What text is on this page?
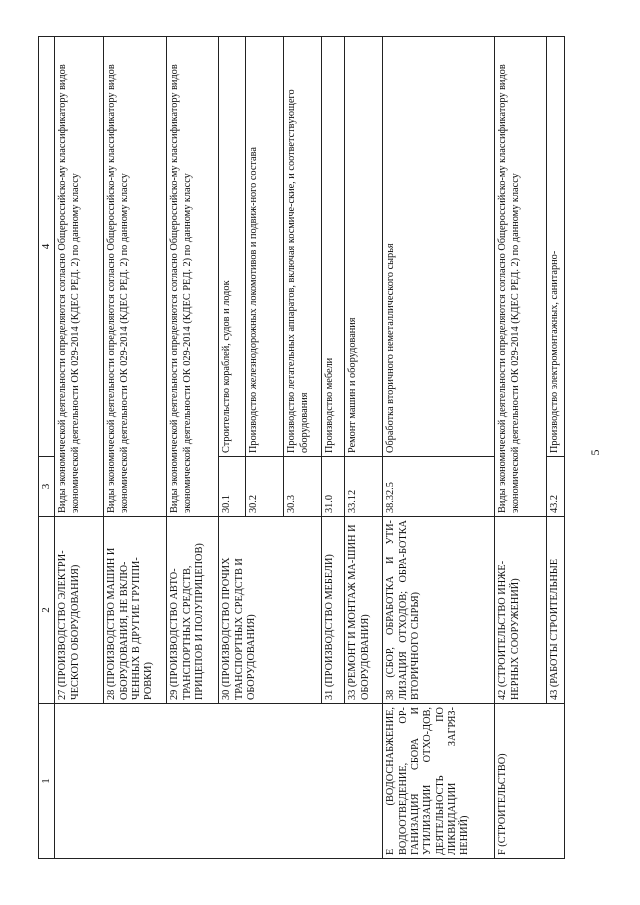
5
1	2	3	4
	27 (ПРОИЗВОДСТВО ЭЛЕКТРИ-ЧЕСКОГО ОБОРУДОВАНИЯ)	Виды экономической деятельности определяются согласно Общероссийско-му классификатору видов экономической деятельности ОК 029-2014 (КДЕС РЕД. 2) по данному классу	
	28 (ПРОИЗВОДСТВО МАШИН И ОБОРУДОВАНИЯ, НЕ ВКЛЮ-ЧЕННЫХ В ДРУГИЕ ГРУППИ-РОВКИ)	Виды экономической деятельности определяются согласно Общероссийско-му классификатору видов экономической деятельности ОК 029-2014 (КДЕС РЕД. 2) по данному классу	
	29 (ПРОИЗВОДСТВО АВТО-ТРАНСПОРТНЫХ СРЕДСТВ, ПРИЦЕПОВ И ПОЛУПРИЦЕПОВ)	Виды экономической деятельности определяются согласно Общероссийско-му классификатору видов экономической деятельности ОК 029-2014 (КДЕС РЕД. 2) по данному классу	
	30 (ПРОИЗВОДСТВО ПРОЧИХ ТРАНСПОРТНЫХ СРЕДСТВ И ОБОРУДОВАНИЯ)	30.1	Строительство кораблей, судов и лодок
		30.2	Производство железнодорожных локомотивов и подвиж-ного состава
		30.3	Производство летательных аппаратов, включая космиче-ские, и соответствующего оборудования
	31 (ПРОИЗВОДСТВО МЕБЕЛИ)	31.0	Производство мебели
	33 (РЕМОНТ И МОНТАЖ МА-ШИН И ОБОРУДОВАНИЯ)	33.12	Ремонт машин и оборудования
Е (ВОДОСНАБЖЕНИЕ, ВОДООТВЕДЕНИЕ, ОР-ГАНИЗАЦИЯ СБОРА И УТИЛИЗАЦИИ ОТХО-ДОВ, ДЕЯТЕЛЬНОСТЬ ПО ЛИКВИДАЦИИ ЗАГРЯЗ-НЕНИЙ)	38 (СБОР, ОБРАБОТКА И УТИ-ЛИЗАЦИЯ ОТХОДОВ; ОБРА-БОТКА ВТОРИЧНОГО СЫРЬЯ)	38.32.5	Обработка вторичного неметаллического сырья
F (СТРОИТЕЛЬСТВО)	42 (СТРОИТЕЛЬСТВО ИНЖЕ-НЕРНЫХ СООРУЖЕНИЙ)	Виды экономической деятельности определяются согласно Общероссийско-му классификатору видов экономической деятельности ОК 029-2014 (КДЕС РЕД. 2) по данному классу	
	43 (РАБОТЫ СТРОИТЕЛЬНЫЕ	43.2	Производство электромонтажных, санитарно-
